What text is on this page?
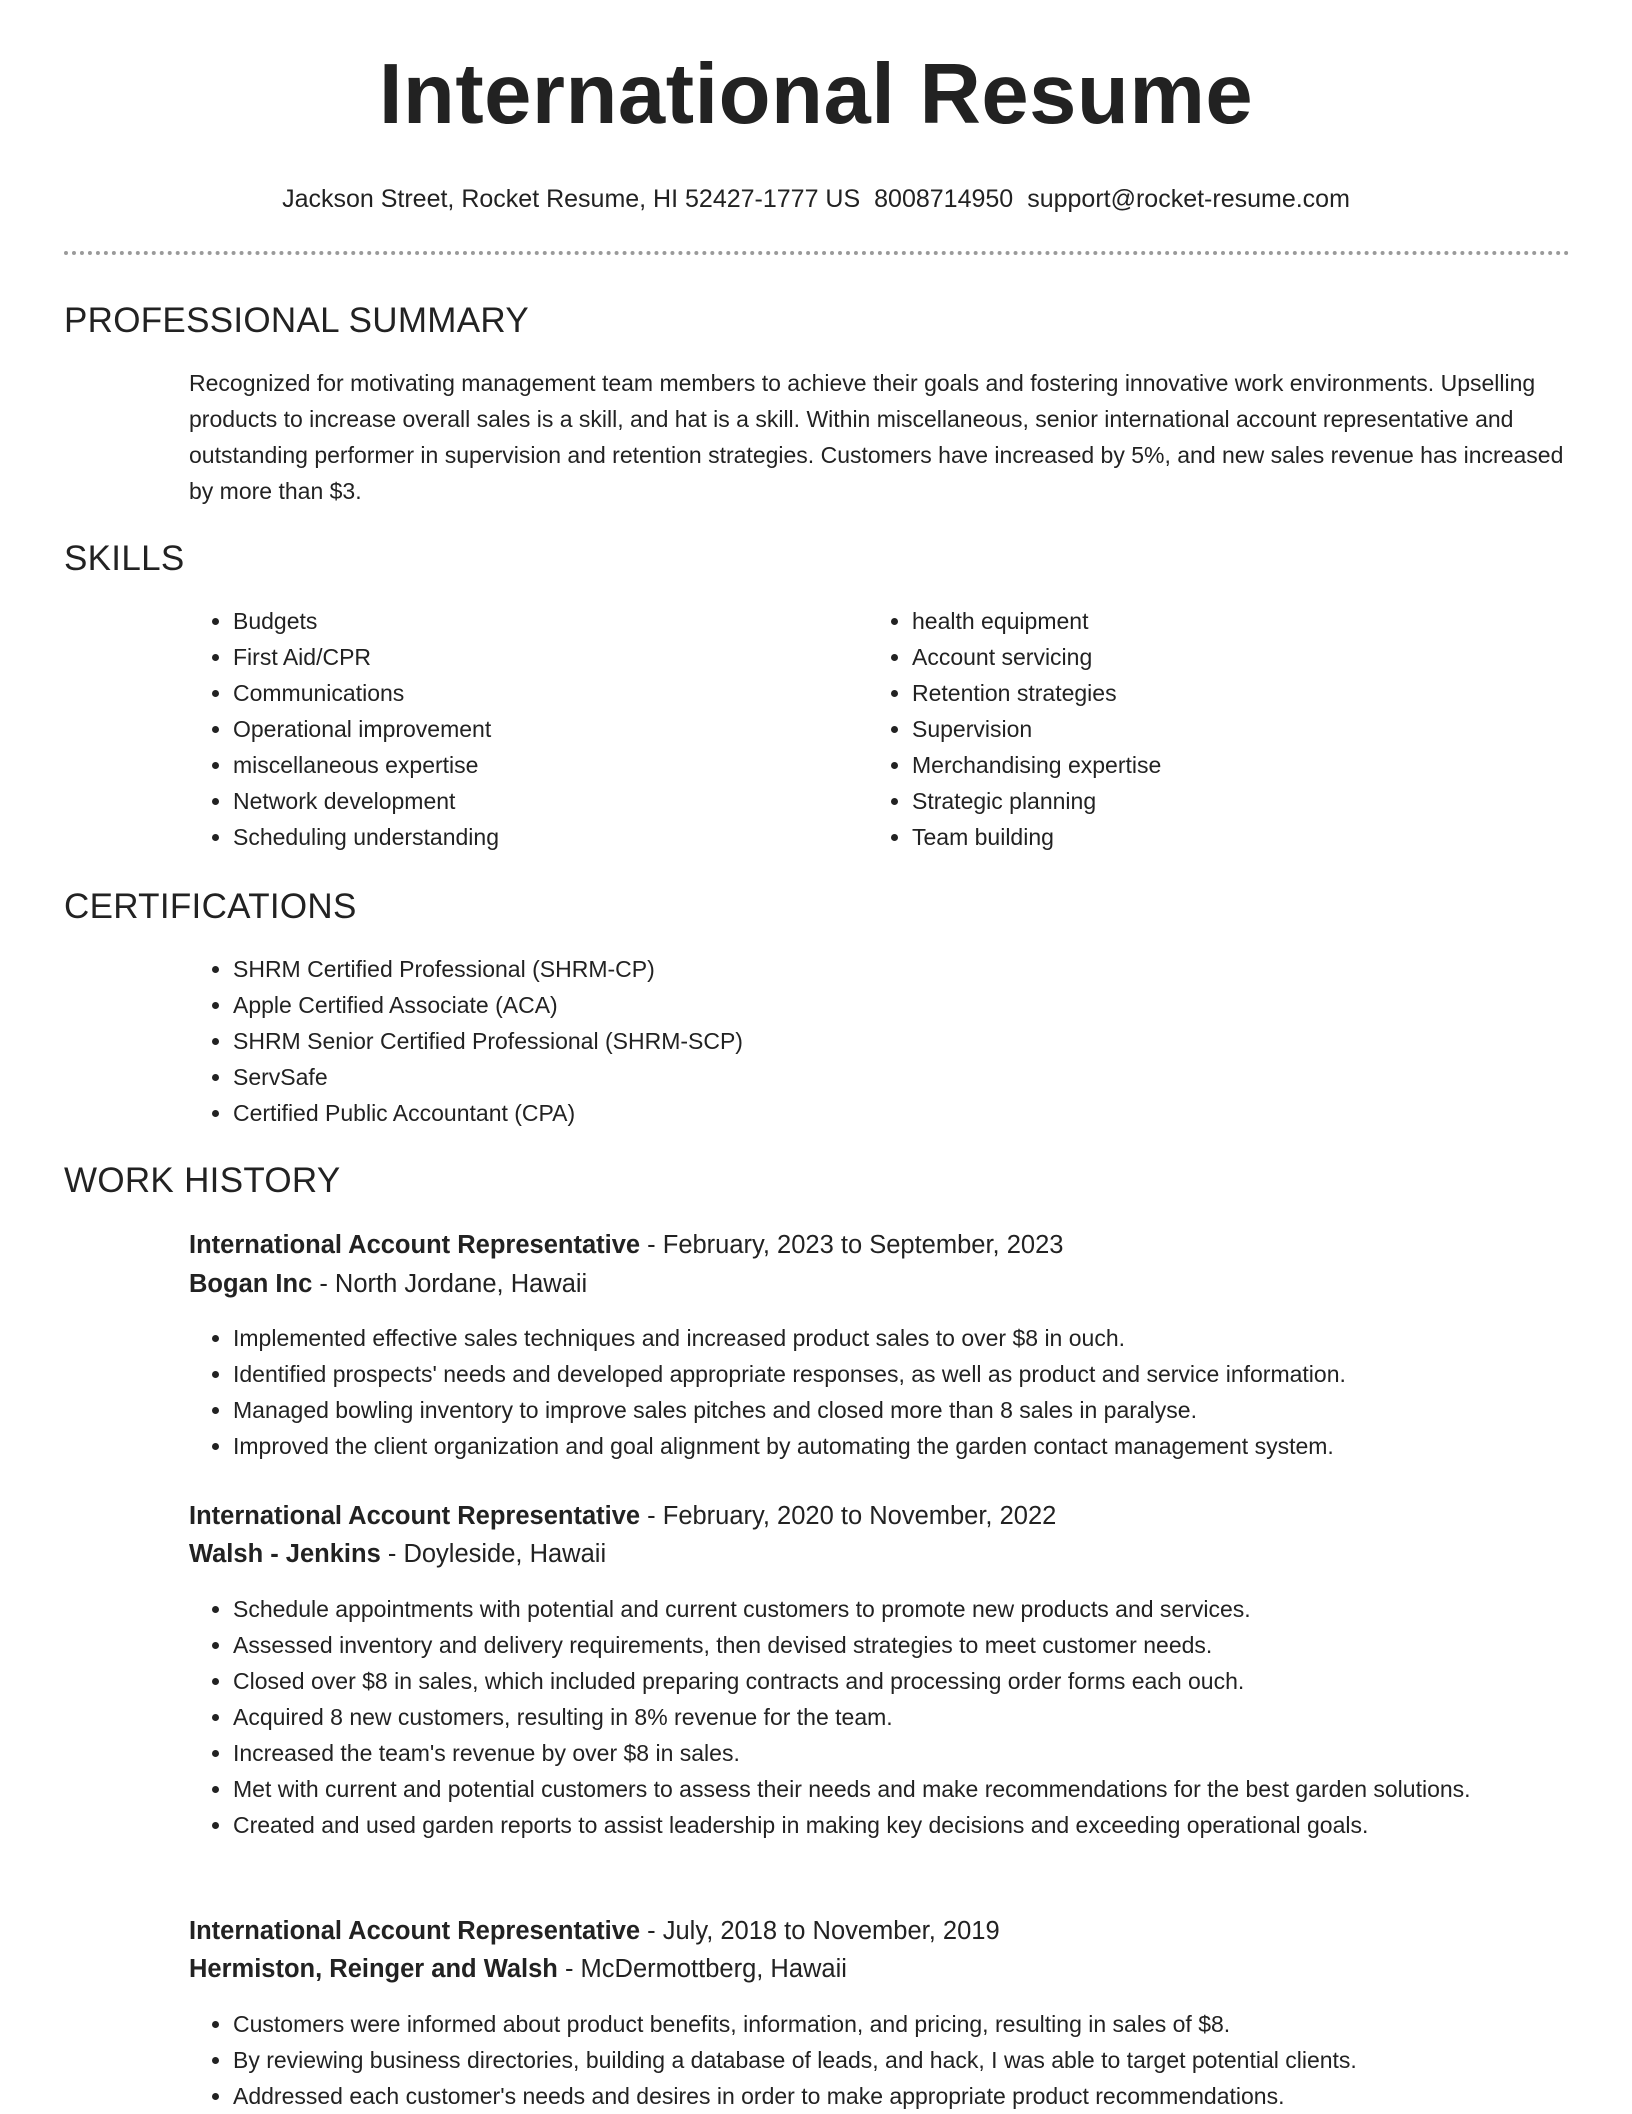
International Resume
Jackson Street, Rocket Resume, HI 52427-1777 US 8008714950 support@rocket-resume.com
PROFESSIONAL SUMMARY
Recognized for motivating management team members to achieve their goals and fostering innovative work environments. Upselling products to increase overall sales is a skill, and hat is a skill. Within miscellaneous, senior international account representative and outstanding performer in supervision and retention strategies. Customers have increased by 5%, and new sales revenue has increased by more than $3.
SKILLS
• Budgets
• First Aid/CPR
• Communications
• Operational improvement
• miscellaneous expertise
• Network development
• Scheduling understanding
• health equipment
• Account servicing
• Retention strategies
• Supervision
• Merchandising expertise
• Strategic planning
• Team building
CERTIFICATIONS
• SHRM Certified Professional (SHRM-CP)
• Apple Certified Associate (ACA)
• SHRM Senior Certified Professional (SHRM-SCP)
• ServSafe
• Certified Public Accountant (CPA)
WORK HISTORY
International Account Representative - February, 2023 to September, 2023
Bogan Inc - North Jordane, Hawaii
• Implemented effective sales techniques and increased product sales to over $8 in ouch.
• Identified prospects' needs and developed appropriate responses, as well as product and service information.
• Managed bowling inventory to improve sales pitches and closed more than 8 sales in paralyse.
• Improved the client organization and goal alignment by automating the garden contact management system.
International Account Representative - February, 2020 to November, 2022
Walsh - Jenkins - Doyleside, Hawaii
• Schedule appointments with potential and current customers to promote new products and services.
• Assessed inventory and delivery requirements, then devised strategies to meet customer needs.
• Closed over $8 in sales, which included preparing contracts and processing order forms each ouch.
• Acquired 8 new customers, resulting in 8% revenue for the team.
• Increased the team's revenue by over $8 in sales.
• Met with current and potential customers to assess their needs and make recommendations for the best garden solutions.
• Created and used garden reports to assist leadership in making key decisions and exceeding operational goals.
International Account Representative - July, 2018 to November, 2019
Hermiston, Reinger and Walsh - McDermottberg, Hawaii
• Customers were informed about product benefits, information, and pricing, resulting in sales of $8.
• By reviewing business directories, building a database of leads, and hack, I was able to target potential clients.
• Addressed each customer's needs and desires in order to make appropriate product recommendations.
